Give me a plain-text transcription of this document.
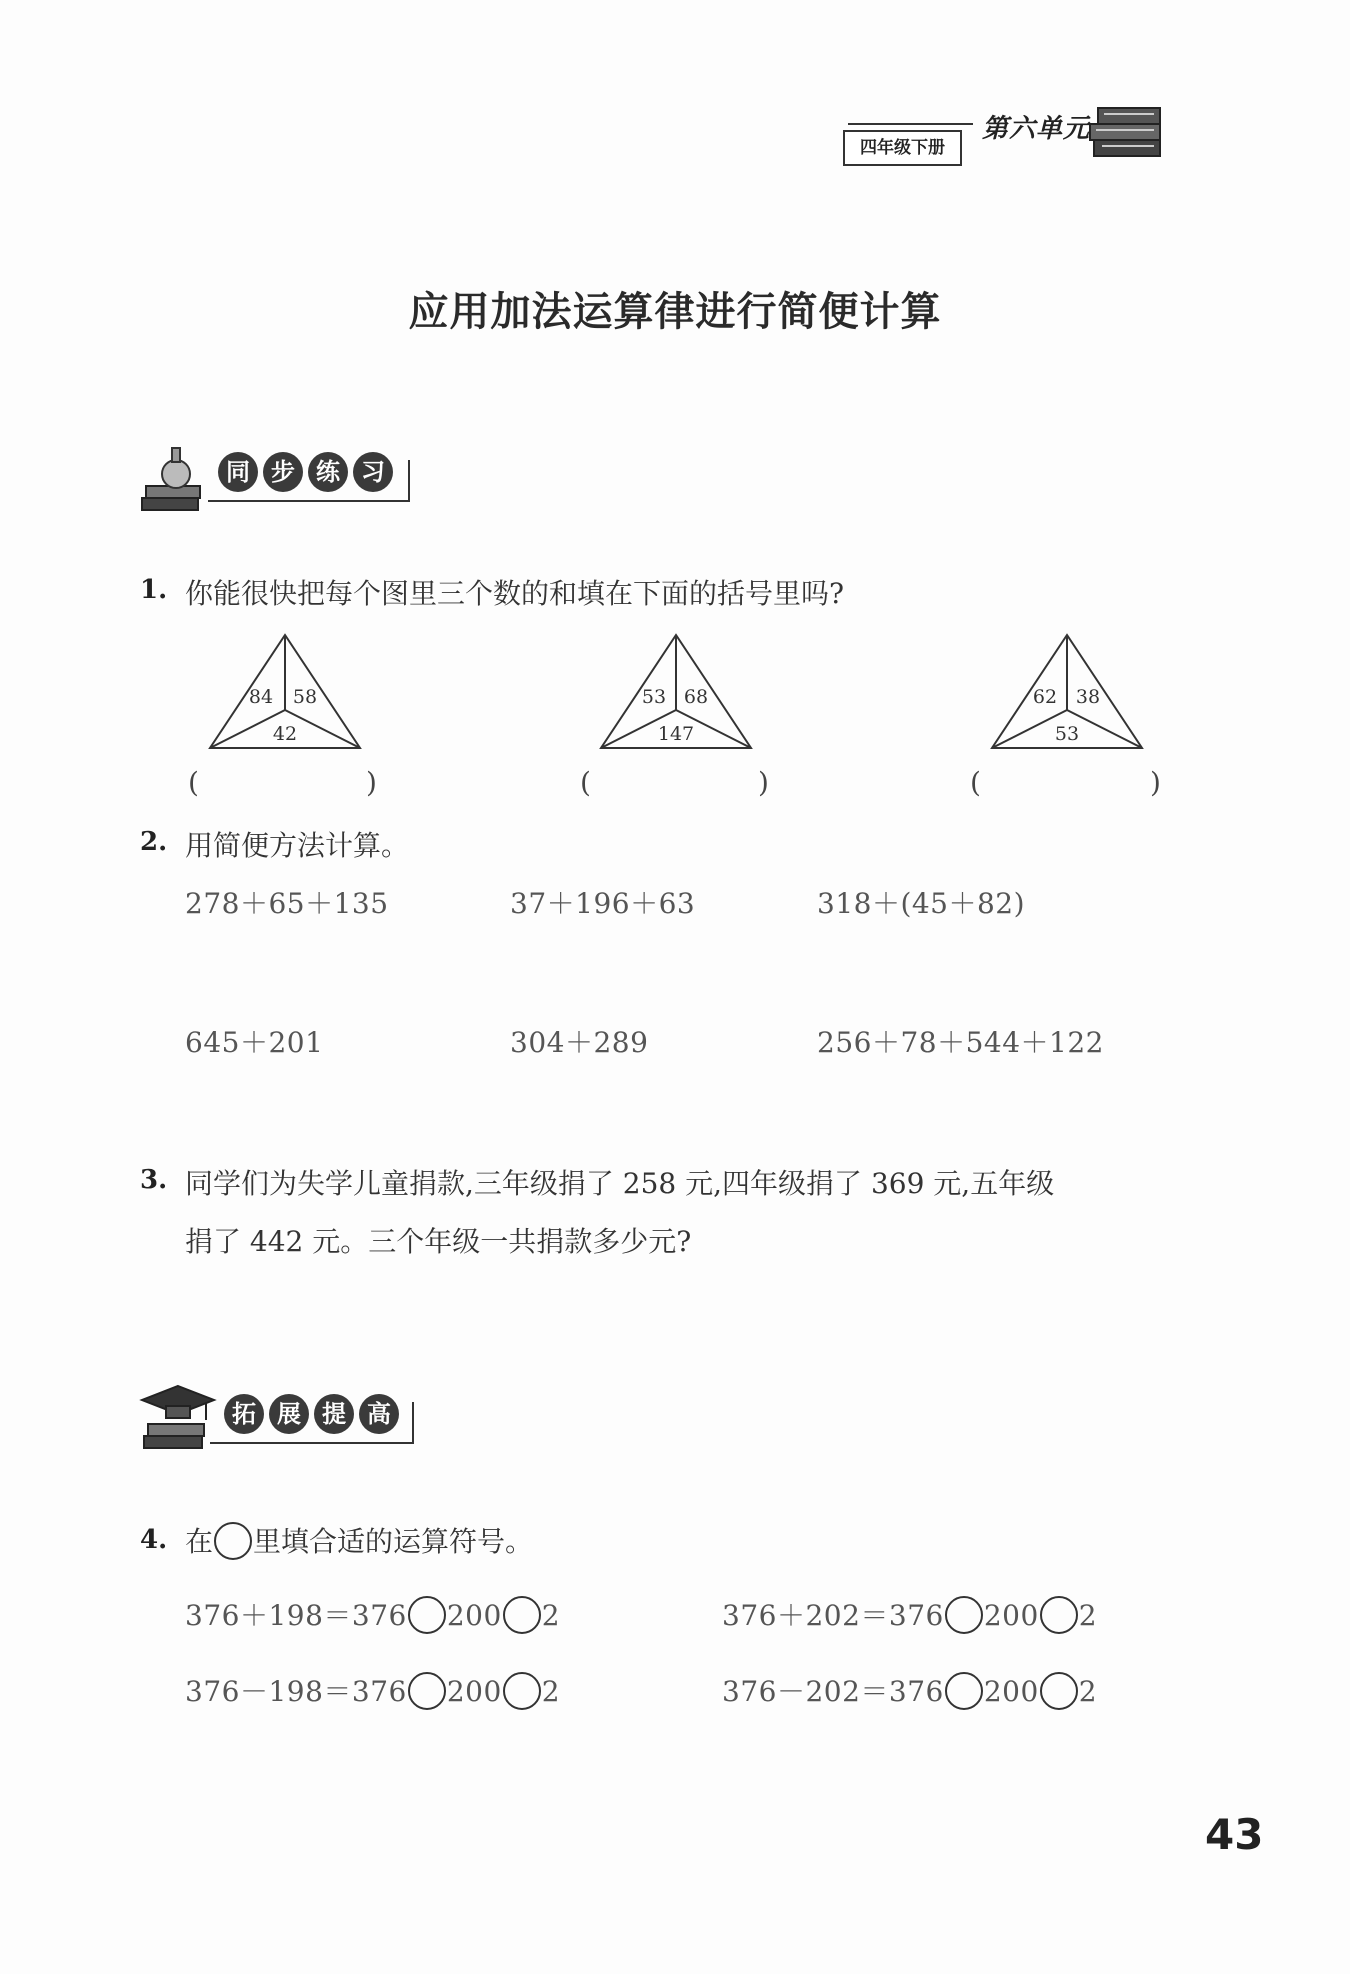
第六单元
四年级下册
应用加法运算律进行简便计算
同 步 练 习
1. 你能很快把每个图里三个数的和填在下面的括号里吗?
84 58
42
53 68
147
62 38
53
(	)	(	)	(	)
2. 用简便方法计算。
278＋65＋135	37＋196＋63	318＋(45＋82)
645＋201	304＋289	256＋78＋544＋122
3. 同学们为失学儿童捐款,三年级捐了 258 元,四年级捐了 369 元,五年级
捐了 442 元。三个年级一共捐款多少元?
拓 展 提 高
4. 在 里填合适的运算符号。
376＋198＝376 200 2	376＋202＝376 200 2
376－198＝376 200 2	376－202＝376 200 2
43
